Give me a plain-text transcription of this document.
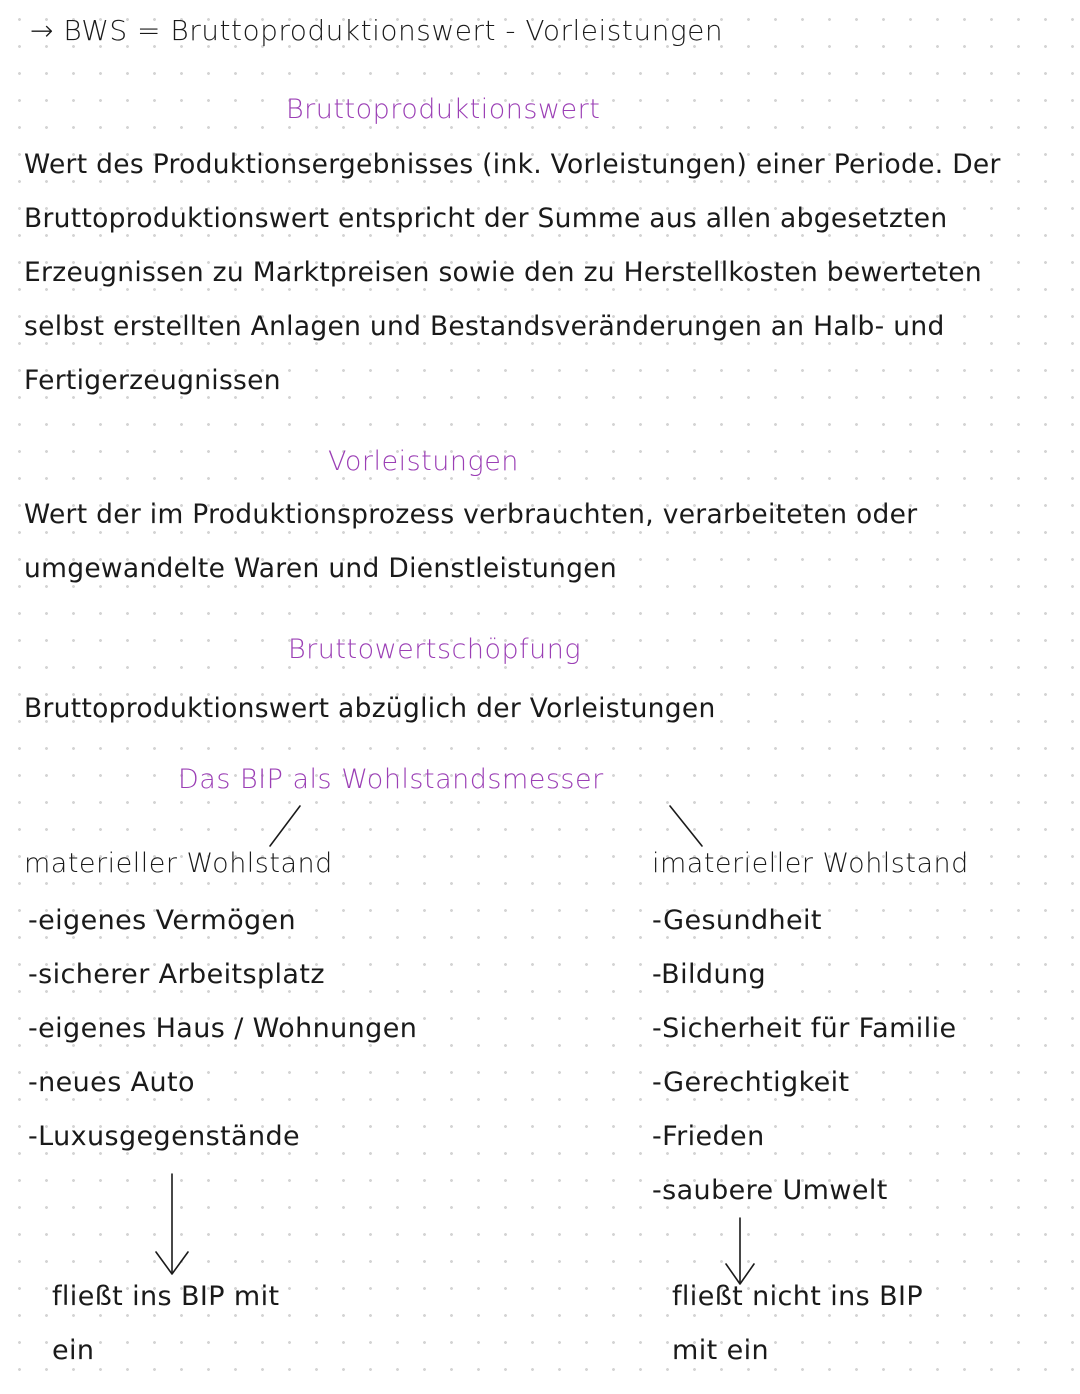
→ BWS = Bruttoproduktionswert - Vorleistungen
Bruttoproduktionswert
Wert des Produktionsergebnisses (ink. Vorleistungen) einer Periode. Der
Bruttoproduktionswert entspricht der Summe aus allen abgesetzten
Erzeugnissen zu Marktpreisen sowie den zu Herstellkosten bewerteten
selbst erstellten Anlagen und Bestandsveränderungen an Halb- und
Fertigerzeugnissen
Vorleistungen
Wert der im Produktionsprozess verbrauchten, verarbeiteten oder
umgewandelte Waren und Dienstleistungen
Bruttowertschöpfung
Bruttoproduktionswert abzüglich der Vorleistungen
Das BIP als Wohlstandsmesser
materieller Wohlstand
-eigenes Vermögen
-sicherer Arbeitsplatz
-eigenes Haus / Wohnungen
-neues Auto
-Luxusgegenstände
fließt ins BIP mit
ein
imaterieller Wohlstand
-Gesundheit
-Bildung
-Sicherheit für Familie
-Gerechtigkeit
-Frieden
-saubere Umwelt
fließt nicht ins BIP
mit ein
